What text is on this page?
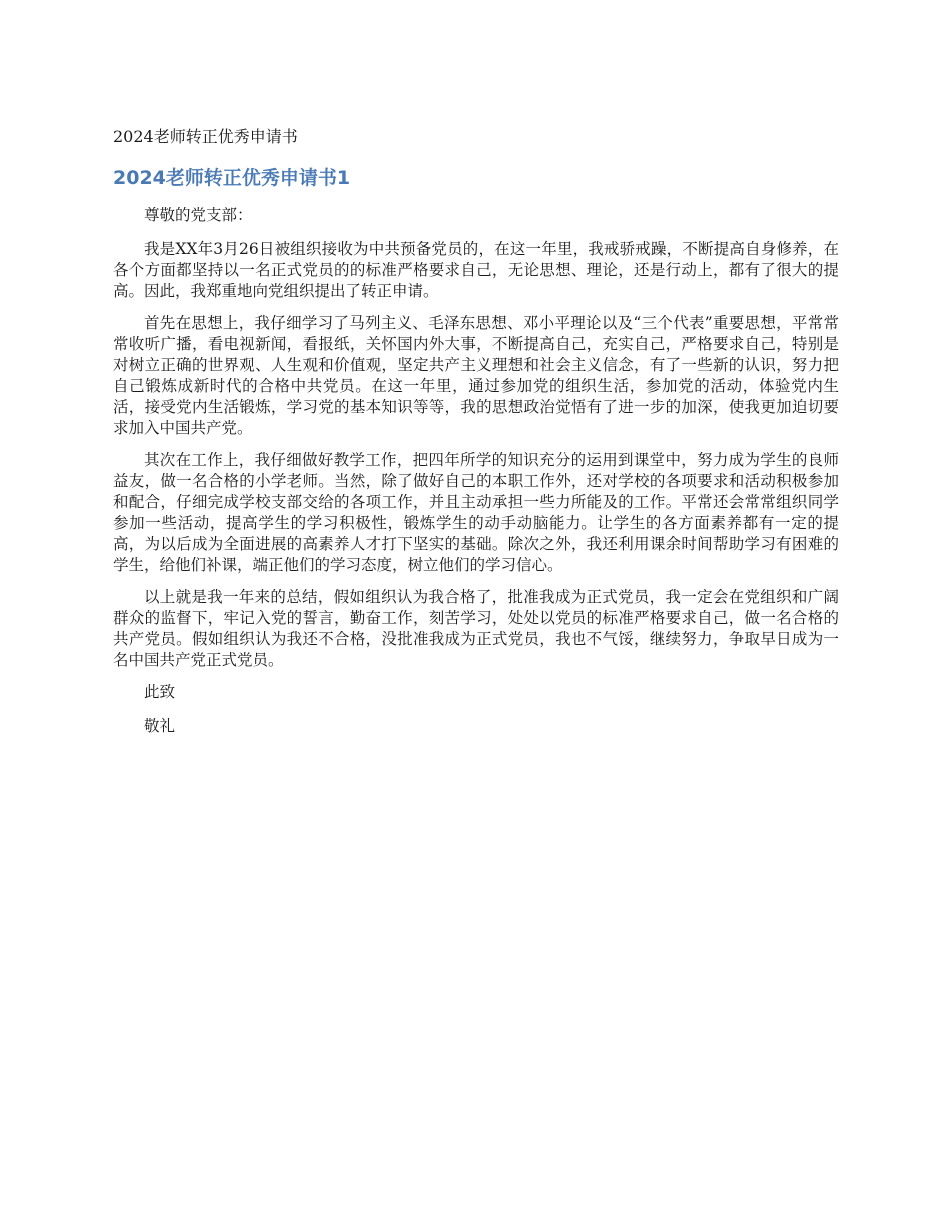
2024老师转正优秀申请书
2024老师转正优秀申请书1

尊敬的党支部：

我是XX年3月26日被组织接收为中共预备党员的，在这一年里，我戒骄戒躁，不断提高自身修养，在各个方面都坚持以一名正式党员的的标准严格要求自己，无论思想、理论，还是行动上，都有了很大的提高。因此，我郑重地向党组织提出了转正申请。

首先在思想上，我仔细学习了马列主义、毛泽东思想、邓小平理论以及“三个代表”重要思想，平常常常收听广播，看电视新闻，看报纸，关怀国内外大事，不断提高自己，充实自己，严格要求自己，特别是对树立正确的世界观、人生观和价值观，坚定共产主义理想和社会主义信念，有了一些新的认识，努力把自己锻炼成新时代的合格中共党员。在这一年里，通过参加党的组织生活，参加党的活动，体验党内生活，接受党内生活锻炼，学习党的基本知识等等，我的思想政治觉悟有了进一步的加深，使我更加迫切要求加入中国共产党。

其次在工作上，我仔细做好教学工作，把四年所学的知识充分的运用到课堂中，努力成为学生的良师益友，做一名合格的小学老师。当然，除了做好自己的本职工作外，还对学校的各项要求和活动积极参加和配合，仔细完成学校支部交给的各项工作，并且主动承担一些力所能及的工作。平常还会常常组织同学参加一些活动，提高学生的学习积极性，锻炼学生的动手动脑能力。让学生的各方面素养都有一定的提高，为以后成为全面进展的高素养人才打下坚实的基础。除次之外，我还利用课余时间帮助学习有困难的学生，给他们补课，端正他们的学习态度，树立他们的学习信心。

以上就是我一年来的总结，假如组织认为我合格了，批准我成为正式党员，我一定会在党组织和广阔群众的监督下，牢记入党的誓言，勤奋工作，刻苦学习，处处以党员的标准严格要求自己，做一名合格的共产党员。假如组织认为我还不合格，没批准我成为正式党员，我也不气馁，继续努力，争取早日成为一名中国共产党正式党员。

此致

敬礼
